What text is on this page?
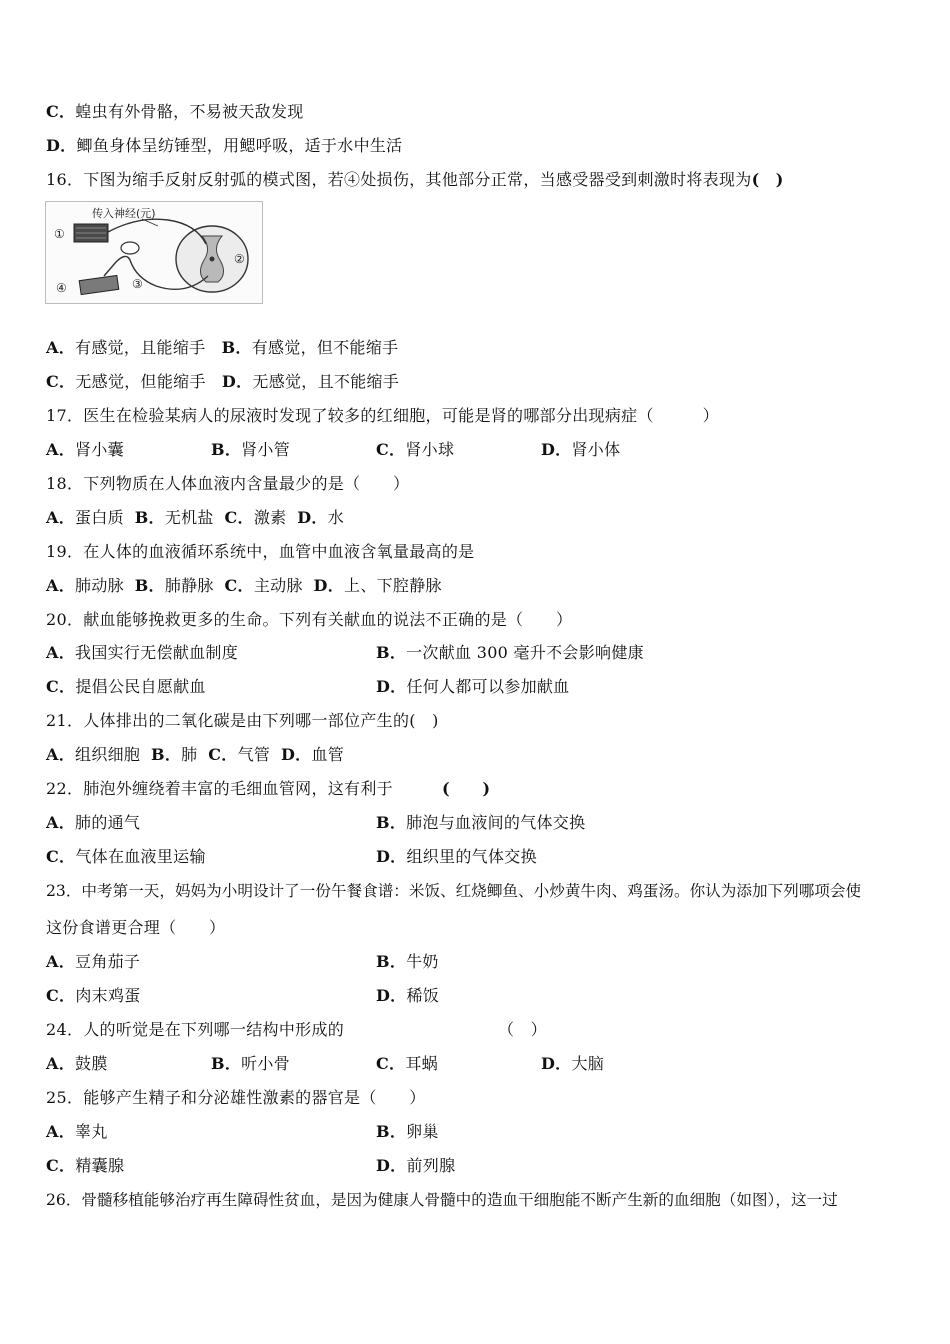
C．蝗虫有外骨骼，不易被天敌发现
D．鲫鱼身体呈纺锤型，用鳃呼吸，适于水中生活
16．下图为缩手反射反射弧的模式图，若④处损伤，其他部分正常，当感受器受到刺激时将表现为(　)
传入神经(元)
①
②
③
④
A．有感觉，且能缩手 B．有感觉，但不能缩手
C．无感觉，但能缩手 D．无感觉，且不能缩手
17．医生在检验某病人的尿液时发现了较多的红细胞，可能是肾的哪部分出现病症（　　　）
A．肾小囊	B．肾小管	C．肾小球	D．肾小体
18．下列物质在人体血液内含量最少的是（　　）
A．蛋白质 B．无机盐 C．激素 D．水
19．在人体的血液循环系统中，血管中血液含氧量最高的是
A．肺动脉 B．肺静脉 C．主动脉 D．上、下腔静脉
20．献血能够挽救更多的生命。下列有关献血的说法不正确的是（　　）
A．我国实行无偿献血制度	B．一次献血 300 毫升不会影响健康
C．提倡公民自愿献血	D．任何人都可以参加献血
21．人体排出的二氧化碳是由下列哪一部位产生的(　)
A．组织细胞 B．肺 C．气管 D．血管
22．肺泡外缠绕着丰富的毛细血管网，这有利于	(　　)
A．肺的通气	B．肺泡与血液间的气体交换
C．气体在血液里运输	D．组织里的气体交换
23．中考第一天，妈妈为小明设计了一份午餐食谱：米饭、红烧鲫鱼、小炒黄牛肉、鸡蛋汤。你认为添加下列哪项会使
这份食谱更合理（　　）
A．豆角茄子	B．牛奶
C．肉末鸡蛋	D．稀饭
24．人的听觉是在下列哪一结构中形成的	（　）
A．鼓膜	B．听小骨	C．耳蜗	D．大脑
25．能够产生精子和分泌雄性激素的器官是（　　）
A．睾丸	B．卵巢
C．精囊腺	D．前列腺
26．骨髓移植能够治疗再生障碍性贫血，是因为健康人骨髓中的造血干细胞能不断产生新的血细胞（如图），这一过
